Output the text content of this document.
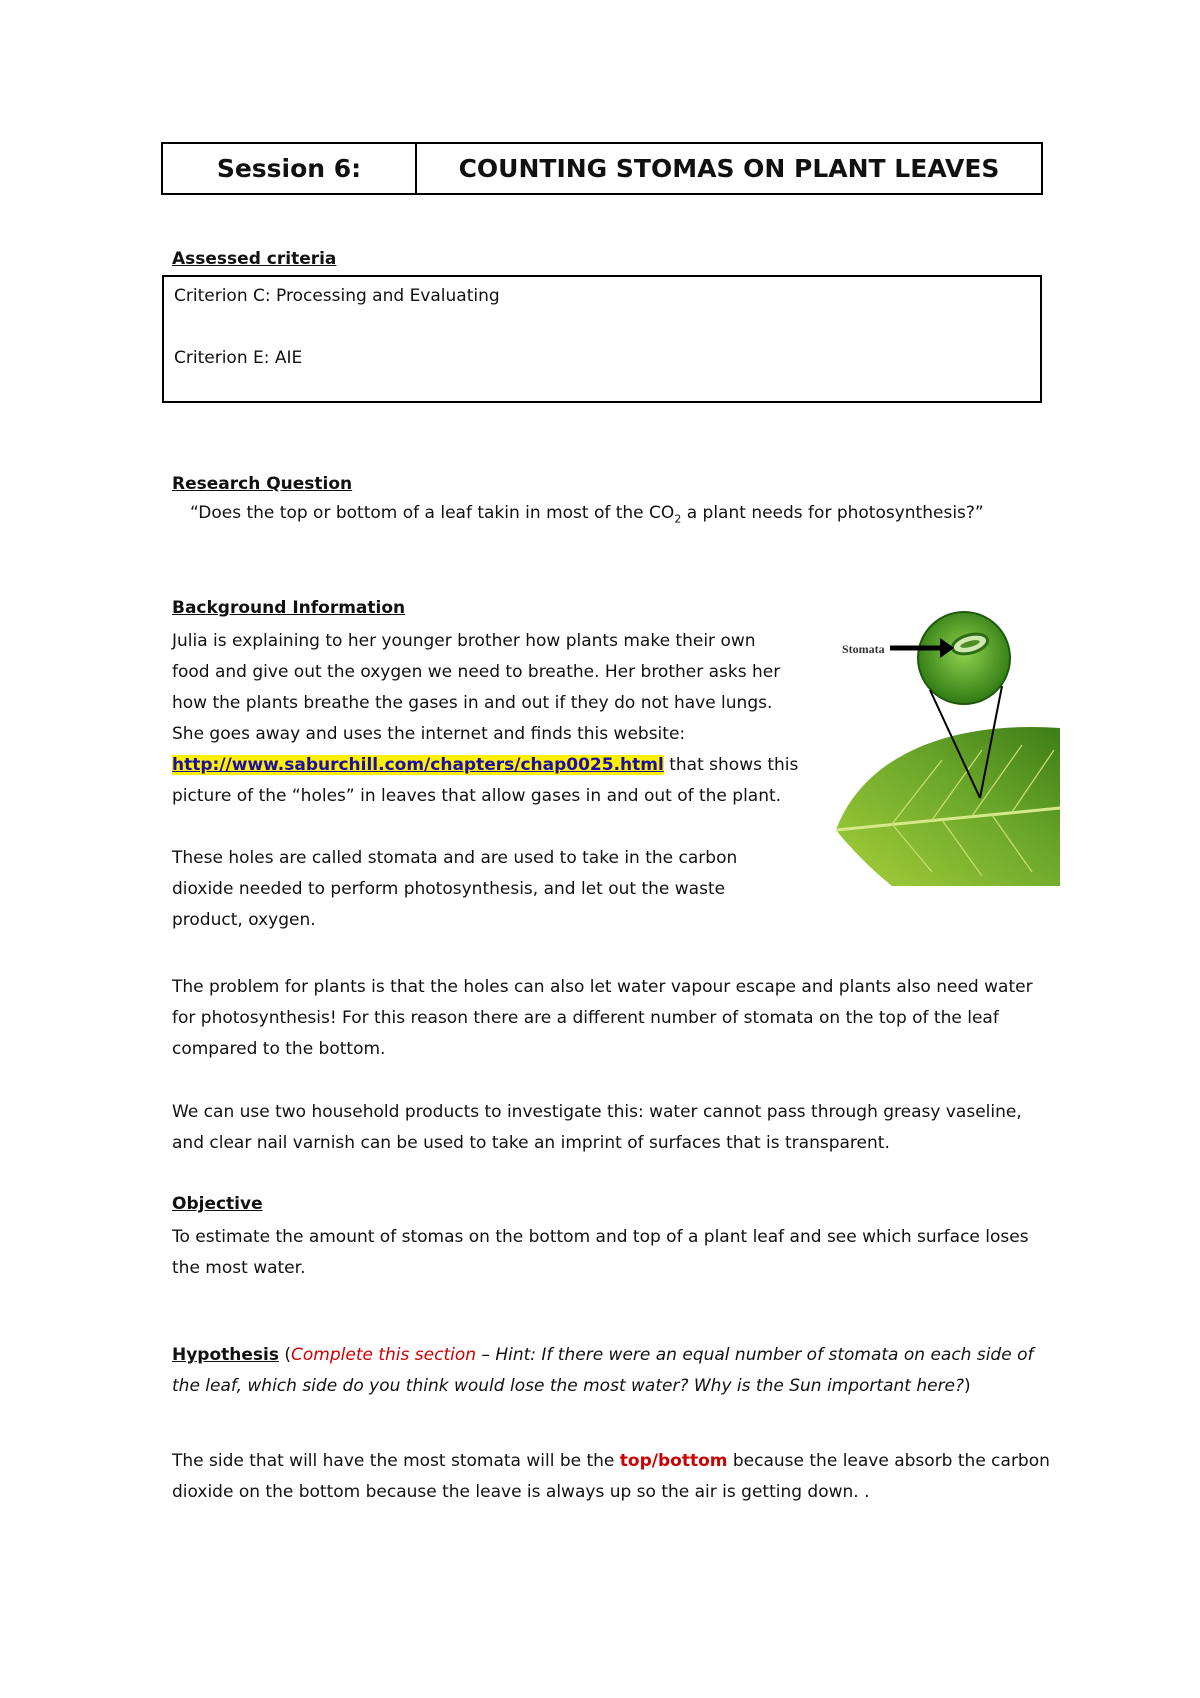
Session 6:	COUNTING STOMAS ON PLANT LEAVES
Assessed criteria
Criterion C: Processing and Evaluating
Criterion E: AIE
Research Question
“Does the top or bottom of a leaf takin in most of the $CO_2$ a plant needs for photosynthesis?”
Background Information
Julia is explaining to her younger brother how plants make their own
food and give out the oxygen we need to breathe. Her brother asks her
how the plants breathe the gases in and out if they do not have lungs.
She goes away and uses the internet and finds this website:
http://www.saburchill.com/chapters/chap0025.html that shows this
picture of the “holes” in leaves that allow gases in and out of the plant.
These holes are called stomata and are used to take in the carbon
dioxide needed to perform photosynthesis, and let out the waste
product, oxygen.
Stomata
The problem for plants is that the holes can also let water vapour escape and plants also need water for photosynthesis! For this reason there are a different number of stomata on the top of the leaf compared to the bottom.
We can use two household products to investigate this: water cannot pass through greasy vaseline, and clear nail varnish can be used to take an imprint of surfaces that is transparent.
Objective
To estimate the amount of stomas on the bottom and top of a plant leaf and see which surface loses the most water.
Hypothesis (Complete this section – Hint: If there were an equal number of stomata on each side of the leaf, which side do you think would lose the most water? Why is the Sun important here?)
The side that will have the most stomata will be the top/bottom because the leave absorb the carbon dioxide on the bottom because the leave is always up so the air is getting down. .
